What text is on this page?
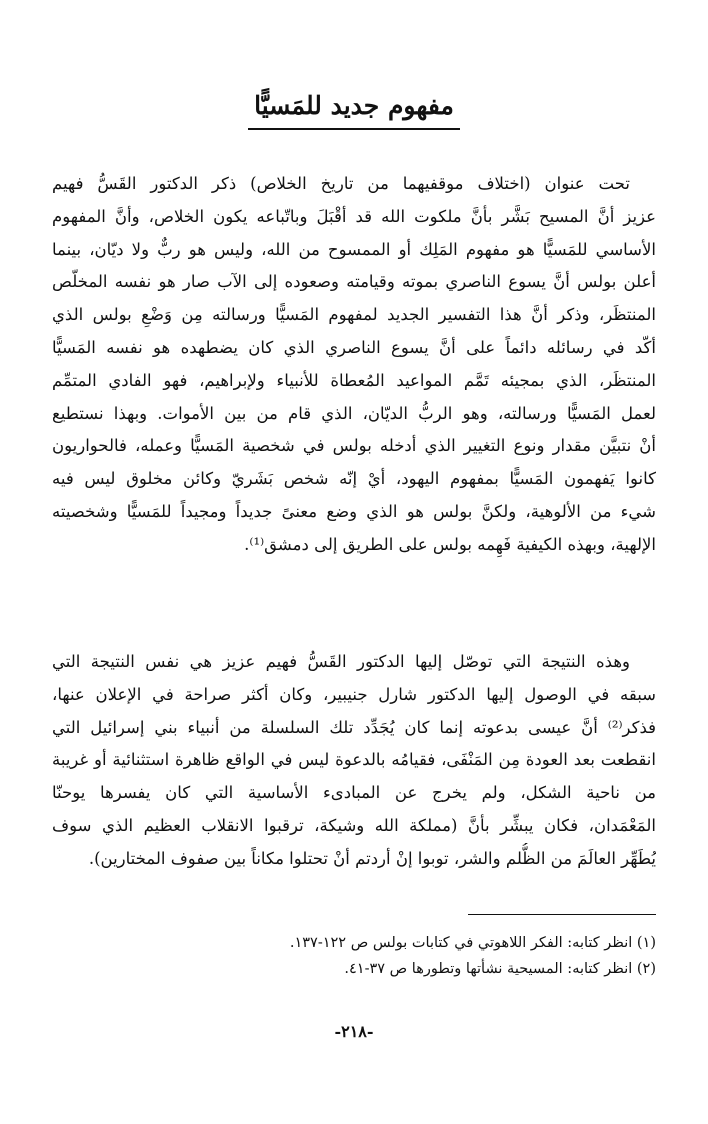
مفهوم جديد للمَسيًّا

تحت عنوان (اختلاف موقفيهما من تاريخ الخلاص) ذكر الدكتور القَسُّ فهيم
عزيز أنَّ المسيح بَشَّر بأنَّ ملكوت الله قد أقْبَلَ وباتّباعه يكون الخلاص، وأنَّ المفهوم
الأساسي للمَسيًّا هو مفهوم المَلِك أو الممسوح من الله، وليس هو ربٌّ ولا ديّان، بينما
أعلن بولس أنَّ يسوع الناصري بموته وقيامته وصعوده إلى الآب صار هو نفسه المخلّص
المنتظَر، وذكر أنَّ هذا التفسير الجديد لمفهوم المَسيًّا ورسالته مِن وَضْعِ بولس الذي
أكّد في رسائله دائماً على أنَّ يسوع الناصري الذي كان يضطهده هو نفسه المَسيًّا
المنتظَر، الذي بمجيئه تَمَّم المواعيد المُعطاة للأنبياء ولإبراهيم، فهو الفادي المتمِّم
لعمل المَسيًّا ورسالته، وهو الربُّ الديّان، الذي قام من بين الأموات. وبهذا نستطيع
أنْ نتبيَّن مقدار ونوع التغيير الذي أدخله بولس في شخصية المَسيًّا وعمله، فالحواريون
كانوا يَفهمون المَسيًّا بمفهوم اليهود، أيْ إنّه شخص بَشَريّ وكائن مخلوق ليس فيه
شيء من الألوهية، ولكنَّ بولس هو الذي وضع معنىً جديداً ومجيداً للمَسيًّا وشخصيته
الإلهية، وبهذه الكيفية فَهِمه بولس على الطريق إلى دمشق⁽¹⁾.

وهذه النتيجة التي توصّل إليها الدكتور القَسُّ فهيم عزيز هي نفس النتيجة التي
سبقه في الوصول إليها الدكتور شارل جنيبير، وكان أكثر صراحة في الإعلان عنها،
فذكر⁽²⁾ أنَّ عيسى بدعوته إنما كان يُجَدِّد تلك السلسلة من أنبياء بني إسرائيل التي
انقطعت بعد العودة مِن المَنْفَى، فقيامُه بالدعوة ليس في الواقع ظاهرة استثنائية أو غريبة
من ناحية الشكل، ولم يخرج عن المبادىء الأساسية التي كان يفسرها يوحنّا
المَعْمَدان، فكان يبشِّر بأنَّ (مملكة الله وشيكة، ترقبوا الانقلاب العظيم الذي سوف
يُطَهِّر العالَمَ من الظُّلم والشر، توبوا إنْ أردتم أنْ تحتلوا مكاناً بين صفوف المختارين).

(١) انظر كتابه: الفكر اللاهوتي في كتابات بولس ص ١٢٢-١٣٧.
(٢) انظر كتابه: المسيحية نشأتها وتطورها ص ٣٧-٤١.
-٢١٨-
